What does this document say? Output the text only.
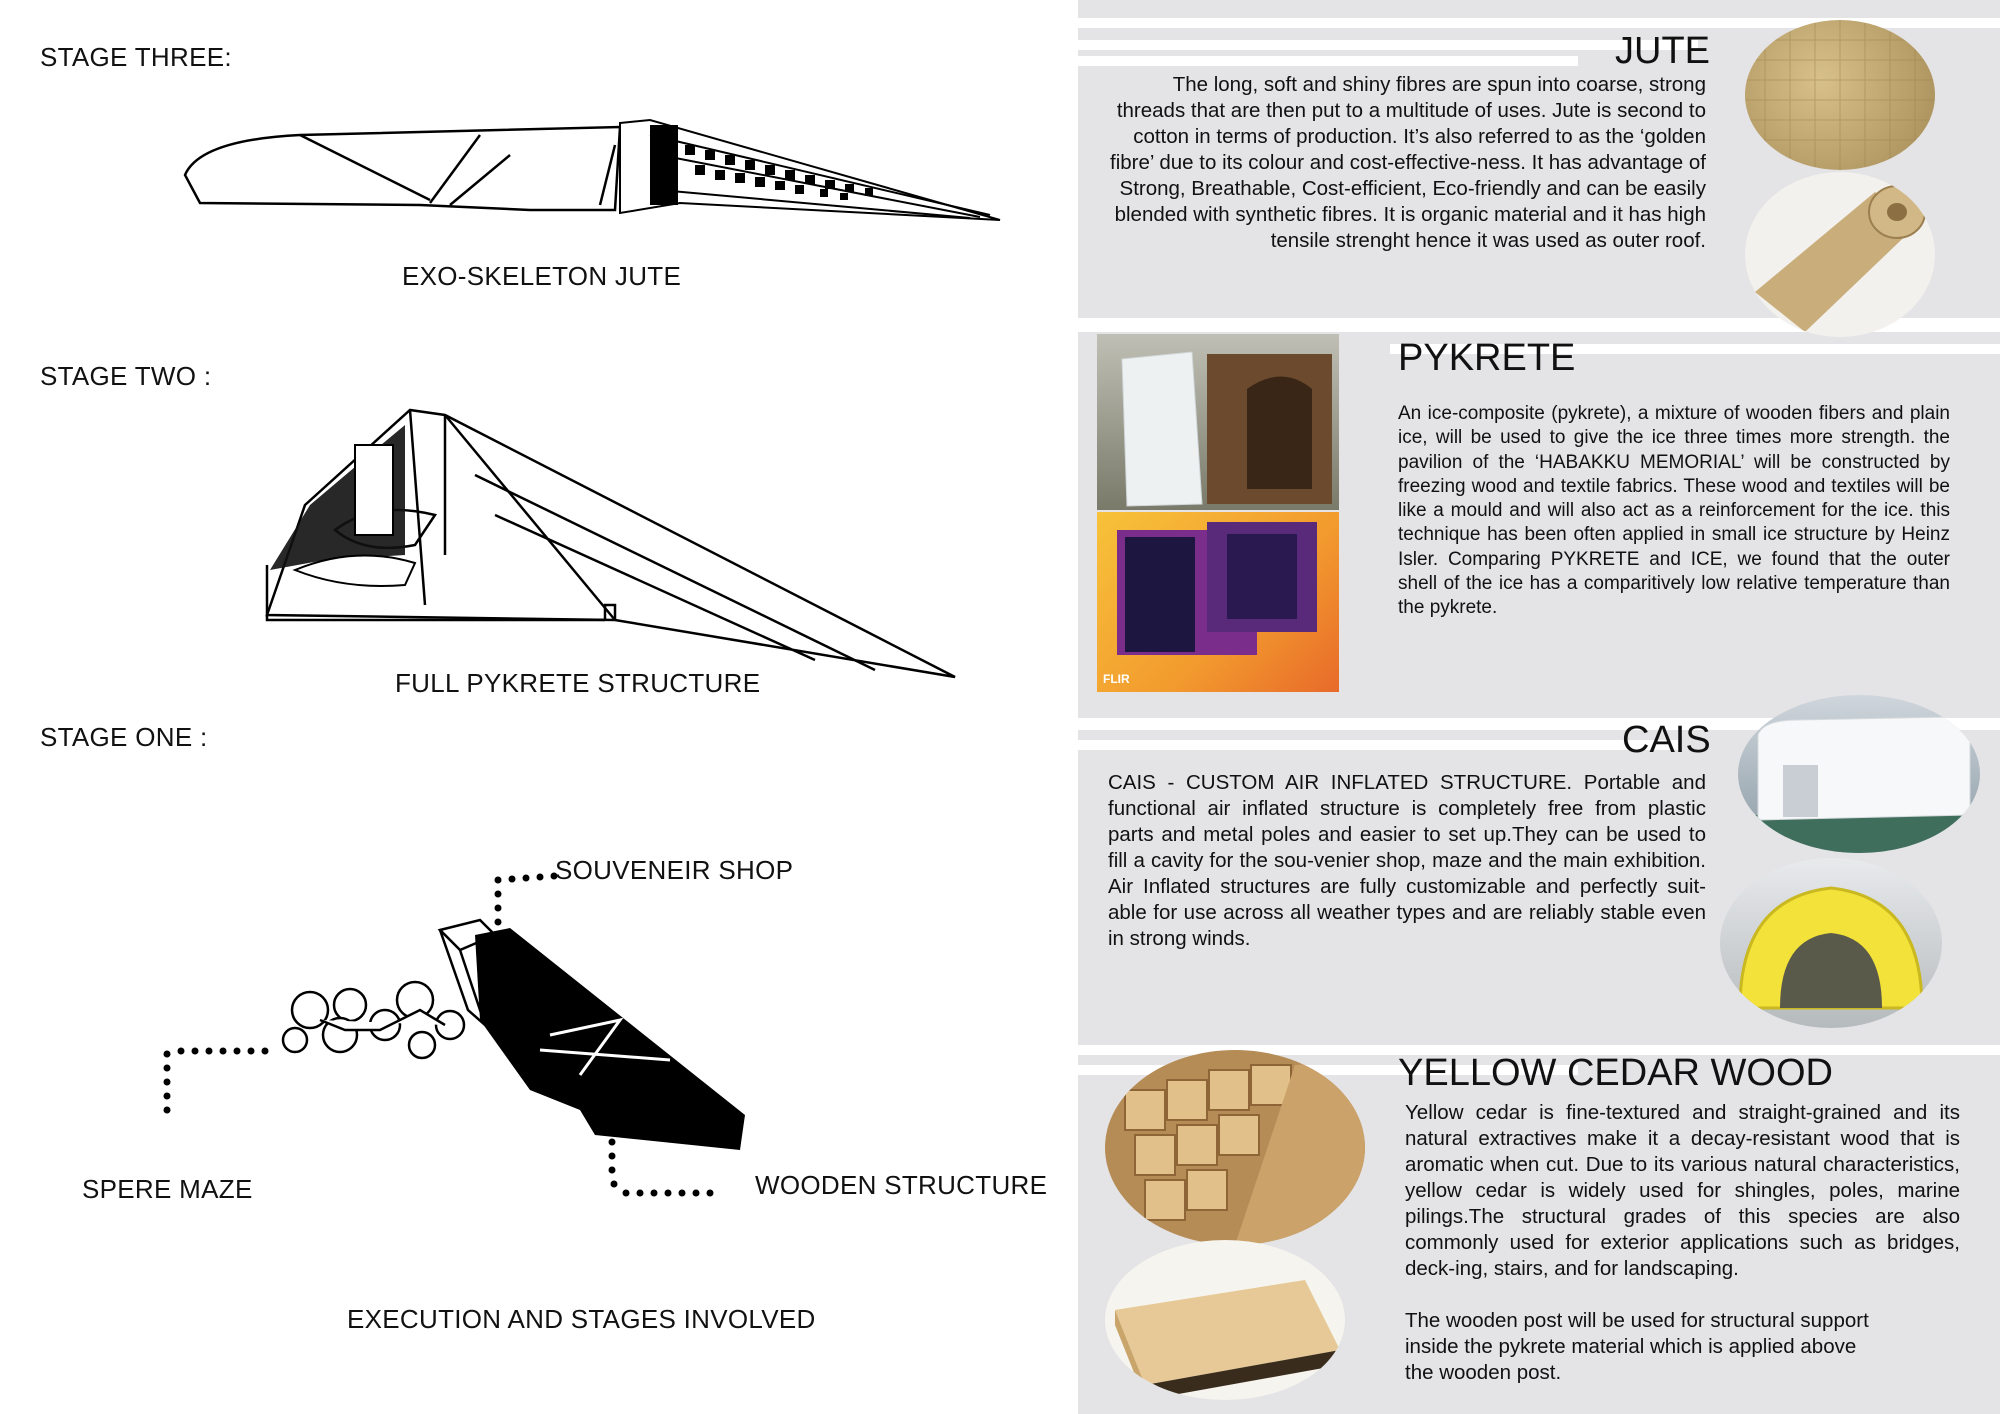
STAGE THREE:
EXO-SKELETON JUTE
STAGE TWO :
FULL PYKRETE STRUCTURE
STAGE ONE :
SOUVENEIR SHOP
SPERE MAZE	WOODEN STRUCTURE
EXECUTION AND STAGES INVOLVED
JUTE
The long, soft and shiny fibres are spun into coarse, strong threads that are then put to a multitude of uses. Jute is second to cotton in terms of production. It’s also referred to as the ‘golden fibre’ due to its colour and cost-effective-ness. It has advantage of Strong, Breathable, Cost-efficient, Eco-friendly and can be easily blended with synthetic fibres. It is organic material and it has high tensile strenght hence it was used as outer roof.
FLIR
PYKRETE
An ice-composite (pykrete), a mixture of wooden fibers and plain ice, will be used to give the ice three times more strength. the pavilion of the ‘HABAKKU MEMORIAL’ will be constructed by freezing wood and textile fabrics. These wood and textiles will be like a mould and will also act as a reinforcement for the ice. this technique has been often applied in small ice structure by Heinz Isler. Comparing PYKRETE and ICE, we found that the outer shell of the ice has a comparitively low relative temperature than the pykrete.
CAIS
CAIS - CUSTOM AIR INFLATED STRUCTURE. Portable and functional air inflated structure is completely free from plastic parts and metal poles and easier to set up.They can be used to fill a cavity for the sou-venier shop, maze and the main exhibition. Air Inflated structures are fully customizable and perfectly suit-able for use across all weather types and are reliably stable even in strong winds.
YELLOW CEDAR WOOD
Yellow cedar is fine-textured and straight-grained and its natural extractives make it a decay-resistant wood that is aromatic when cut. Due to its various natural characteristics, yellow cedar is widely used for shingles, poles, marine pilings.The structural grades of this species are also commonly used for exterior applications such as bridges, deck-ing, stairs, and for landscaping.
The wooden post will be used for structural support inside the pykrete material which is applied above the wooden post.
